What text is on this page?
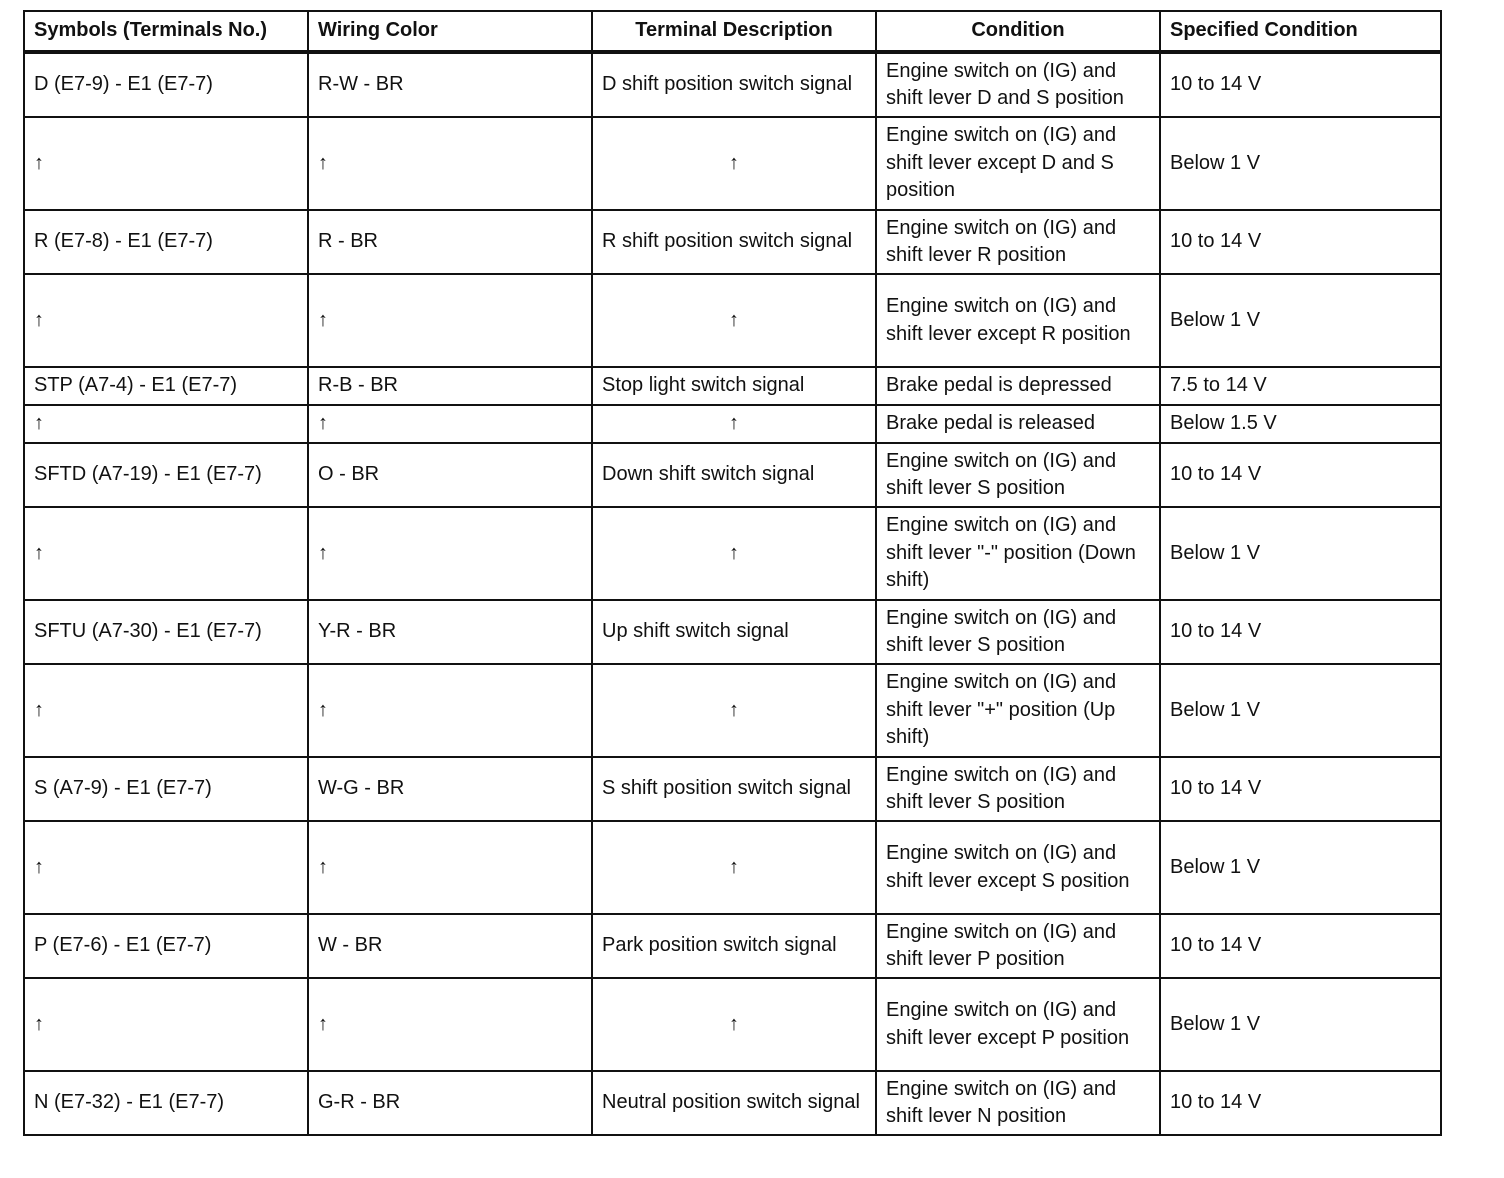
Symbols (Terminals No.)	Wiring Color	Terminal Description	Condition	Specified Condition
D (E7-9) - E1 (E7-7)	R-W - BR	D shift position switch signal	Engine switch on (IG) and shift lever D and S position	10 to 14 V
↑	↑	↑	Engine switch on (IG) and shift lever except D and S position	Below 1 V
R (E7-8) - E1 (E7-7)	R - BR	R shift position switch signal	Engine switch on (IG) and shift lever R position	10 to 14 V
↑	↑	↑	Engine switch on (IG) and shift lever except R position	Below 1 V
STP (A7-4) - E1 (E7-7)	R-B - BR	Stop light switch signal	Brake pedal is depressed	7.5 to 14 V
↑	↑	↑	Brake pedal is released	Below 1.5 V
SFTD (A7-19) - E1 (E7-7)	O - BR	Down shift switch signal	Engine switch on (IG) and shift lever S position	10 to 14 V
↑	↑	↑	Engine switch on (IG) and shift lever "-" position (Down shift)	Below 1 V
SFTU (A7-30) - E1 (E7-7)	Y-R - BR	Up shift switch signal	Engine switch on (IG) and shift lever S position	10 to 14 V
↑	↑	↑	Engine switch on (IG) and shift lever "+" position (Up shift)	Below 1 V
S (A7-9) - E1 (E7-7)	W-G - BR	S shift position switch signal	Engine switch on (IG) and shift lever S position	10 to 14 V
↑	↑	↑	Engine switch on (IG) and shift lever except S position	Below 1 V
P (E7-6) - E1 (E7-7)	W - BR	Park position switch signal	Engine switch on (IG) and shift lever P position	10 to 14 V
↑	↑	↑	Engine switch on (IG) and shift lever except P position	Below 1 V
N (E7-32) - E1 (E7-7)	G-R - BR	Neutral position switch signal	Engine switch on (IG) and shift lever N position	10 to 14 V
